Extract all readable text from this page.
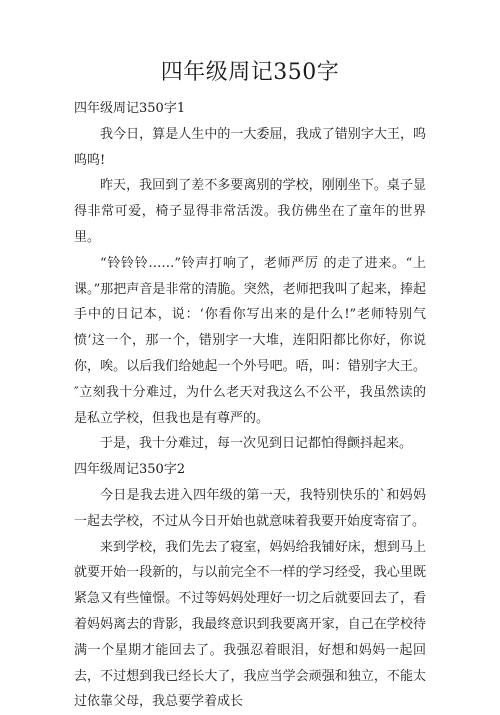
四年级周记350字
四年级周记350字1

我今日，算是人生中的一大委屈，我成了错别字大王，呜呜呜!

昨天，我回到了差不多要离别的学校，刚刚坐下。桌子显得非常可爱，椅子显得非常活泼。我仿佛坐在了童年的世界里。

“铃铃铃……”铃声打响了，老师严厉 的走了进来。“上课。”那把声音是非常的清脆。突然，老师把我叫了起来，捧起手中的日记本，说：‘你看你写出来的是什么!”老师特别气愤’这一个，那一个，错别字一大堆，连阳阳都比你好，你说你，唉。以后我们给她起一个外号吧。唔，叫：错别字大王。″立刻我十分难过，为什么老天对我这么不公平，我虽然读的是私立学校，但我也是有尊严的。

于是，我十分难过，每一次见到日记都怕得颤抖起来。

四年级周记350字2

今日是我去进入四年级的第一天，我特别快乐的`和妈妈一起去学校，不过从今日开始也就意味着我要开始度寄宿了。

来到学校，我们先去了寝室，妈妈给我铺好床，想到马上就要开始一段新的，与以前完全不一样的学习经受，我心里既紧急又有些憧憬。不过等妈妈处理好一切之后就要回去了，看着妈妈离去的背影，我最终意识到我要离开家，自己在学校待满一个星期才能回去了。我强忍着眼泪，好想和妈妈一起回去，不过想到我已经长大了，我应当学会顽强和独立，不能太过依靠父母，我总要学着成长
